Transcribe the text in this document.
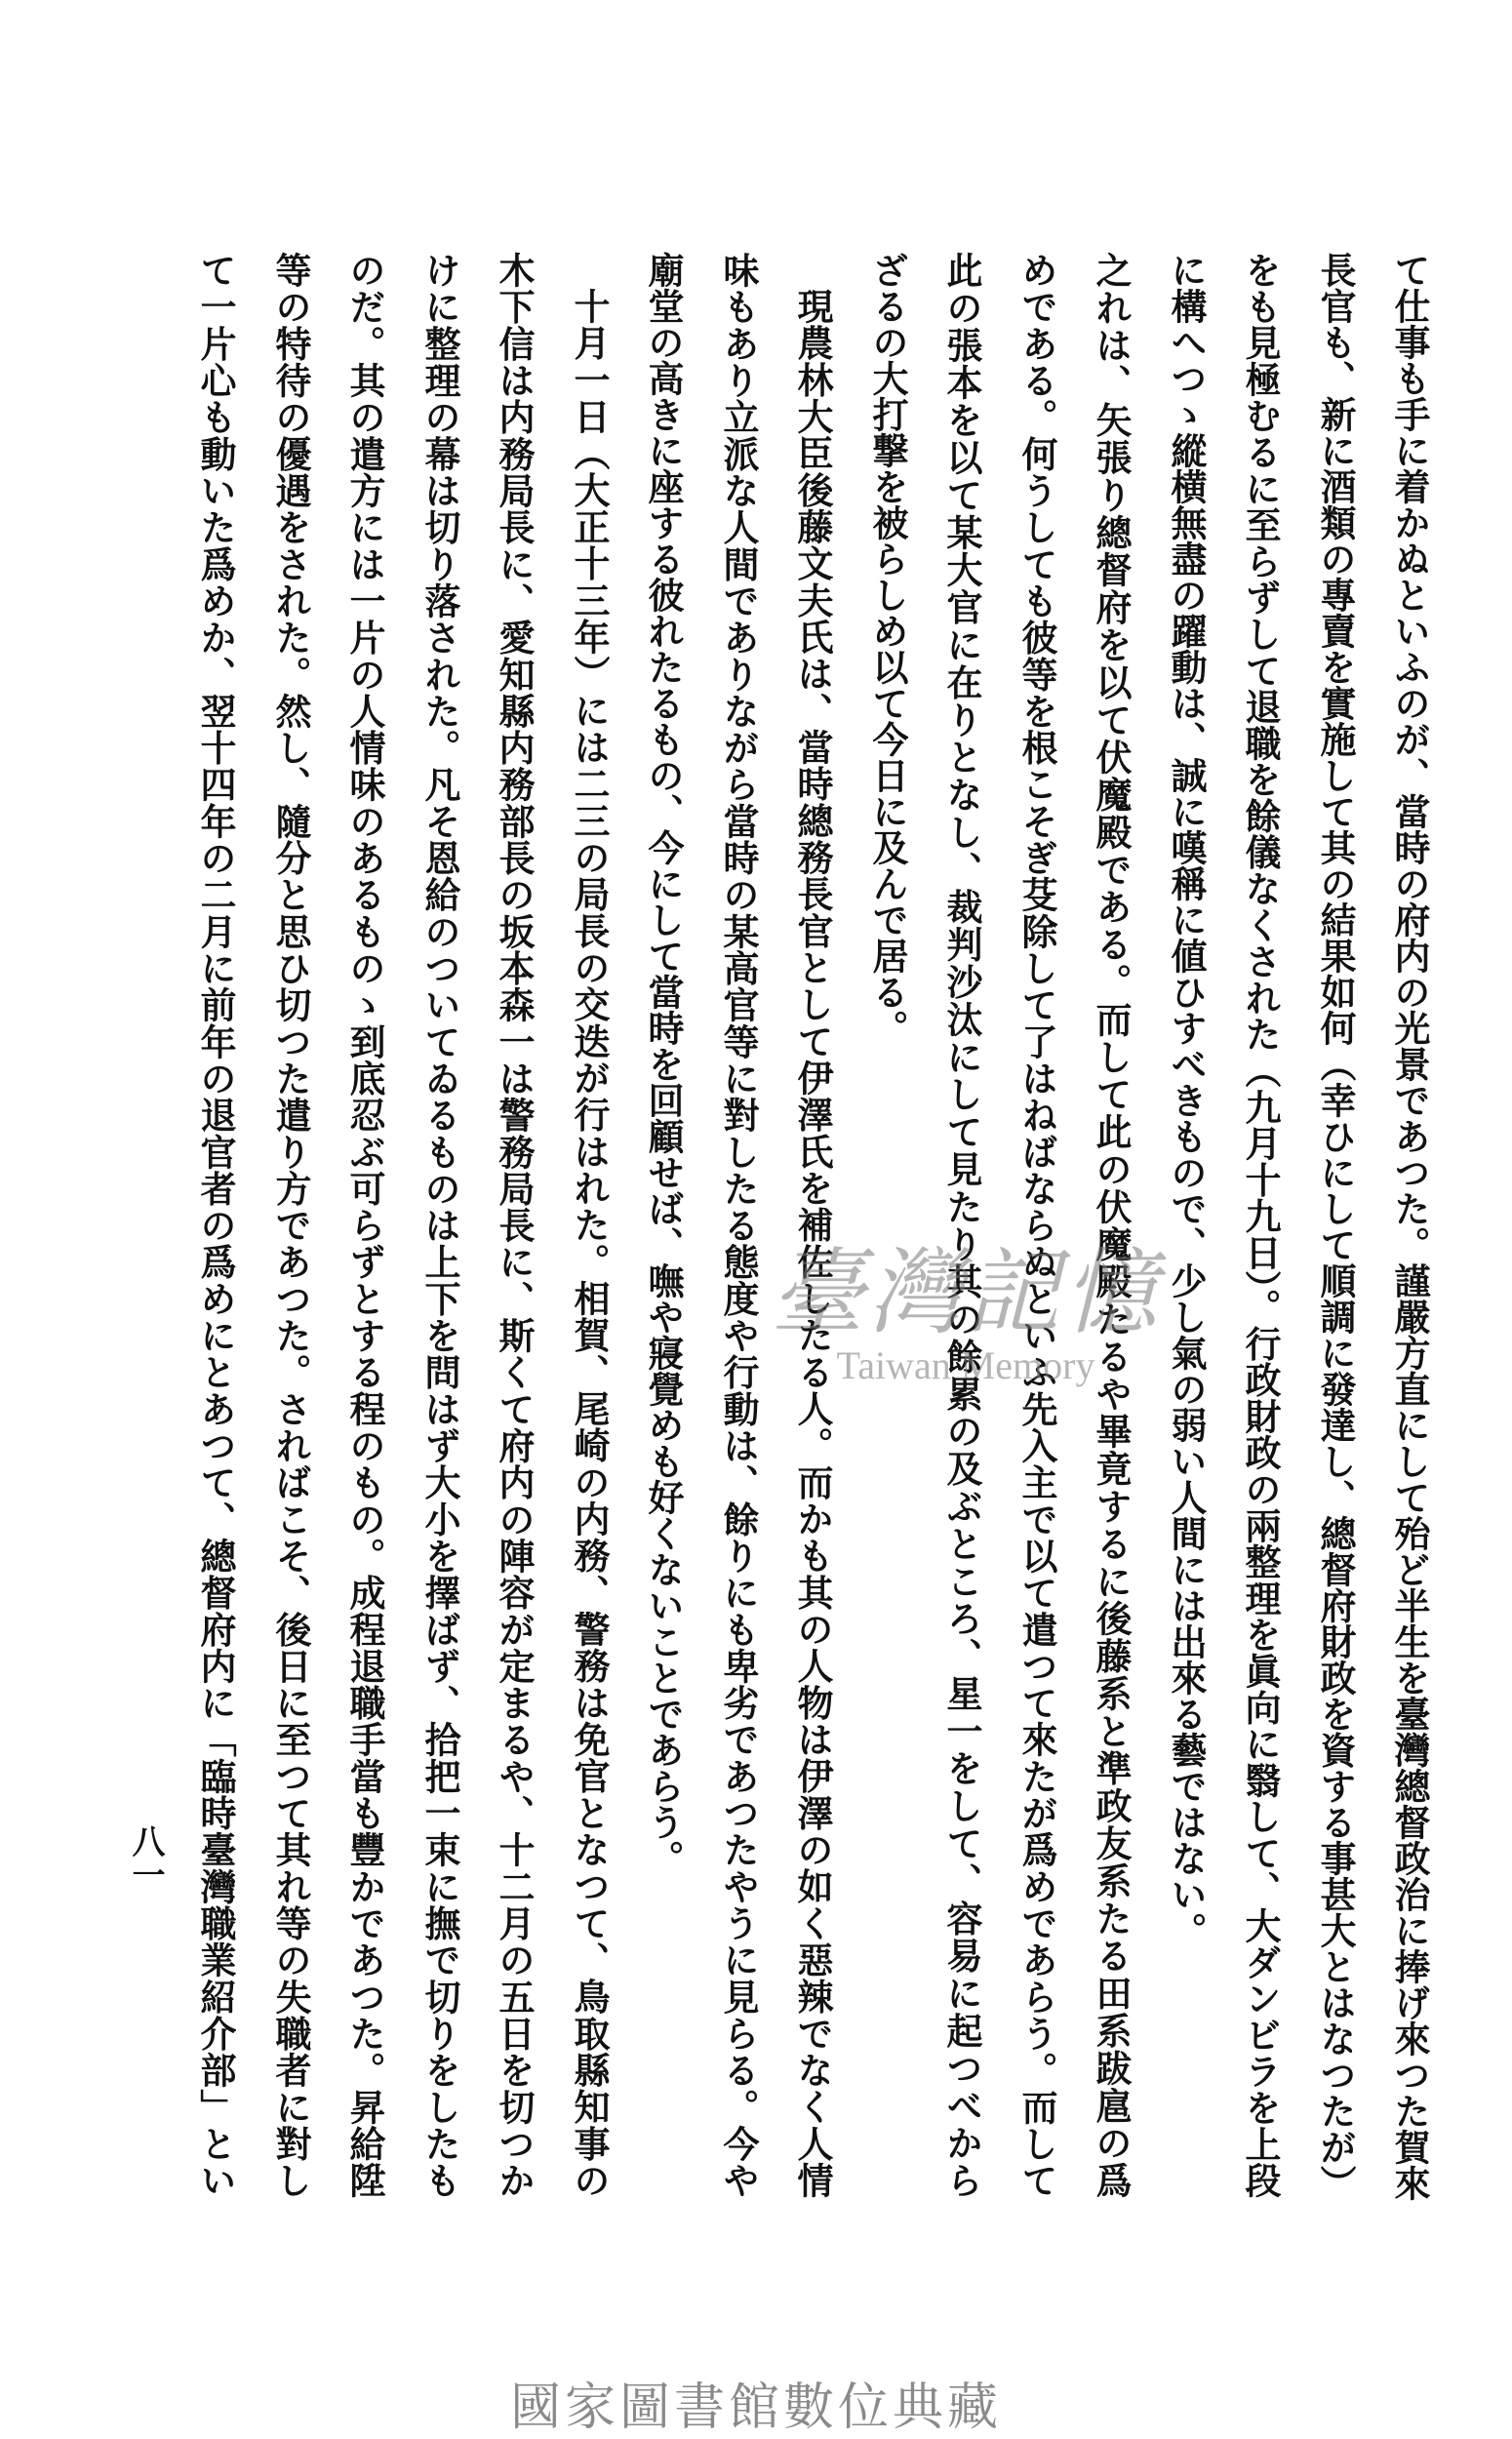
て仕事も手に着かぬといふのが、當時の府内の光景であつた。謹嚴方直にして殆ど半生を臺灣總督政治に捧げ來つた賀來
長官も、新に酒類の專賣を實施して其の結果如何（幸ひにして順調に發達し、總督府財政を資する事甚大とはなつたが）
をも見極むるに至らずして退職を餘儀なくされた（九月十九日）。行政財政の兩整理を眞向に翳して、大ダンビラを上段
に構へつゝ縱横無盡の躍動は、誠に嘆稱に値ひすべきもので、少し氣の弱い人間には出來る藝ではない。
之れは、矢張り總督府を以て伏魔殿である。而して此の伏魔殿たるや畢竟するに後藤系と準政友系たる田系跋扈の爲
めである。何うしても彼等を根こそぎ芟除して了はねばならぬといふ先入主で以て遣つて來たが爲めであらう。而して
此の張本を以て某大官に在りとなし、裁判沙汰にして見たり其の餘累の及ぶところ、星一をして、容易に起つべから
ざるの大打撃を被らしめ以て今日に及んで居る。
現農林大臣後藤文夫氏は、當時總務長官として伊澤氏を補佐したる人。而かも其の人物は伊澤の如く惡辣でなく人情
味もあり立派な人間でありながら當時の某高官等に對したる態度や行動は、餘りにも卑劣であつたやうに見らる。今や
廟堂の高きに座する彼れたるもの、今にして當時を回顧せば、嘸や寢覺めも好くないことであらう。
十月一日（大正十三年）には二三の局長の交迭が行はれた。相賀、尾崎の内務、警務は免官となつて、鳥取縣知事の
木下信は内務局長に、愛知縣内務部長の坂本森一は警務局長に、斯くて府内の陣容が定まるや、十二月の五日を切つか
けに整理の幕は切り落された。凡そ恩給のついてゐるものは上下を問はず大小を擇ばず、拾把一束に撫で切りをしたも
のだ。其の遣方には一片の人情味のあるものゝ到底忍ぶ可らずとする程のもの。成程退職手當も豐かであつた。昇給陞
等の特待の優遇をされた。然し、隨分と思ひ切つた遣り方であつた。さればこそ、後日に至つて其れ等の失職者に對し
て一片心も動いた爲めか、翌十四年の二月に前年の退官者の爲めにとあつて、總督府内に「臨時臺灣職業紹介部」とい
八一
臺灣記憶
Taiwan Memory
國家圖書館數位典藏
